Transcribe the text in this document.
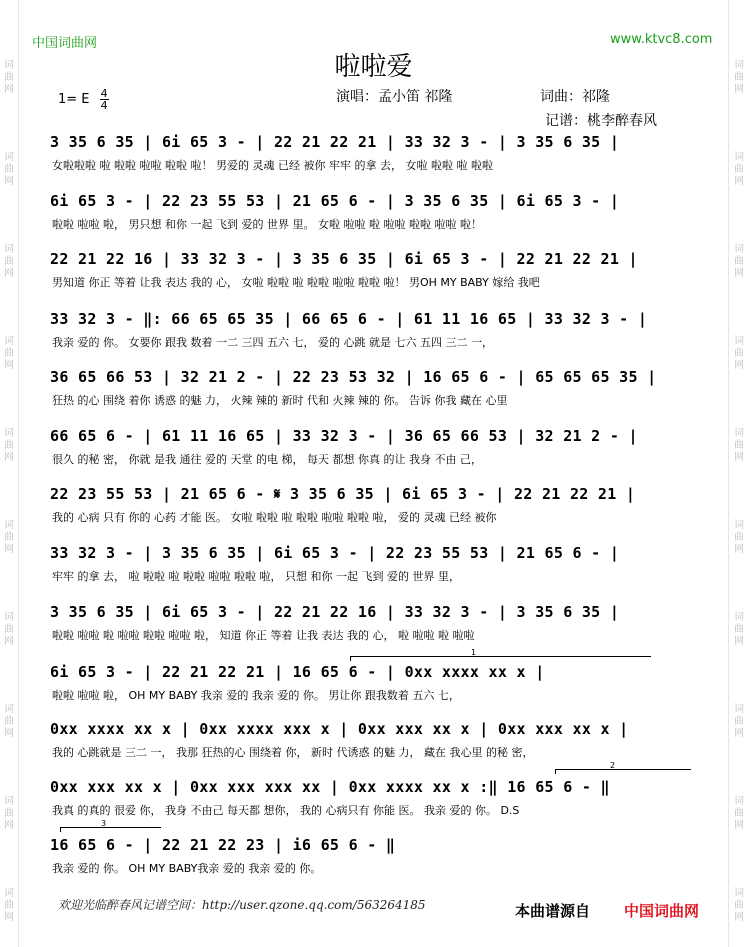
词
曲
网
词
曲
网
词
曲
网
词
曲
网
词
曲
网
词
曲
网
词
曲
网
词
曲
网
词
曲
网
词
曲
网
词
曲
网
词
曲
网
词
曲
网
词
曲
网
词
曲
网
词
曲
网
词
曲
网
词
曲
网
词
曲
网
词
曲
网
中国词曲网	www.ktvc8.com
啦啦爱
1= E $\frac{4}{4}$	演唱：孟小笛 祁隆	词曲：祁隆
记谱：桃李醉春风
3 35 6 35 | 6i 65 3 - | 22 21 22 21 | 33 32 3 - | 3 35 6 35 |
女啦啦啦 啦 啦啦 啦啦 啦啦 啦！ 男爱的 灵魂 已经 被你 牢牢 的拿 去， 女啦 啦啦 啦 啦啦
6i 65 3 - | 22 23 55 53 | 21 65 6 - | 3 35 6 35 | 6i 65 3 - |
啦啦 啦啦 啦， 男只想 和你 一起 飞到 爱的 世界 里。 女啦 啦啦 啦 啦啦 啦啦 啦啦 啦！
22 21 22 16 | 33 32 3 - | 3 35 6 35 | 6i 65 3 - | 22 21 22 21 |
男知道 你正 等着 让我 表达 我的 心， 女啦 啦啦 啦 啦啦 啦啦 啦啦 啦！ 男OH MY BABY 嫁给 我吧
33 32 3 - ‖: 66 65 65 35 | 66 65 6 - | 61 11 16 65 | 33 32 3 - |
我亲 爱的 你。 女要你 跟我 数着 一二 三四 五六 七， 爱的 心跳 就是 七六 五四 三二 一，
36 65 66 53 | 32 21 2 - | 22 23 53 32 | 16 65 6 - | 65 65 65 35 |
狂热 的心 围绕 着你 诱惑 的魅 力， 火辣 辣的 新时 代和 火辣 辣的 你。 告诉 你我 藏在 心里
66 65 6 - | 61 11 16 65 | 33 32 3 - | 36 65 66 53 | 32 21 2 - |
很久 的秘 密， 你就 是我 通往 爱的 天堂 的电 梯， 每天 都想 你真 的让 我身 不由 己，
22 23 55 53 | 21 65 6 - 𝄋 3 35 6 35 | 6i 65 3 - | 22 21 22 21 |
我的 心病 只有 你的 心药 才能 医。 女啦 啦啦 啦 啦啦 啦啦 啦啦 啦， 爱的 灵魂 已经 被你
33 32 3 - | 3 35 6 35 | 6i 65 3 - | 22 23 55 53 | 21 65 6 - |
牢牢 的拿 去， 啦 啦啦 啦 啦啦 啦啦 啦啦 啦， 只想 和你 一起 飞到 爱的 世界 里，
3 35 6 35 | 6i 65 3 - | 22 21 22 16 | 33 32 3 - | 3 35 6 35 |
啦啦 啦啦 啦 啦啦 啦啦 啦啦 啦， 知道 你正 等着 让我 表达 我的 心， 啦 啦啦 啦 啦啦
6i 65 3 - | 22 21 22 21 | 16 65 6 - | 0xx xxxx xx x |
啦啦 啦啦 啦， OH MY BABY 我亲 爱的 我亲 爱的 你。 男让你 跟我数着 五六 七，
0xx xxxx xx x | 0xx xxxx xxx x | 0xx xxx xx x | 0xx xxx xx x |
我的 心跳就是 三二 一， 我那 狂热的心 围绕着 你， 新时 代诱惑 的魅 力， 藏在 我心里 的秘 密，
0xx xxx xx x | 0xx xxx xxx xx | 0xx xxxx xx x :‖ 16 65 6 - ‖
我真 的真的 很爱 你， 我身 不由己 每天都 想你， 我的 心病只有 你能 医。 我亲 爱的 你。 D.S
16 65 6 - | 22 21 22 23 | i6 65 6 - ‖
我亲 爱的 你。 OH MY BABY我亲 爱的 我亲 爱的 你。
1
2
3
欢迎光临醉春风记谱空间：http://user.qzone.qq.com/563264185	本曲谱源自 中国词曲网
